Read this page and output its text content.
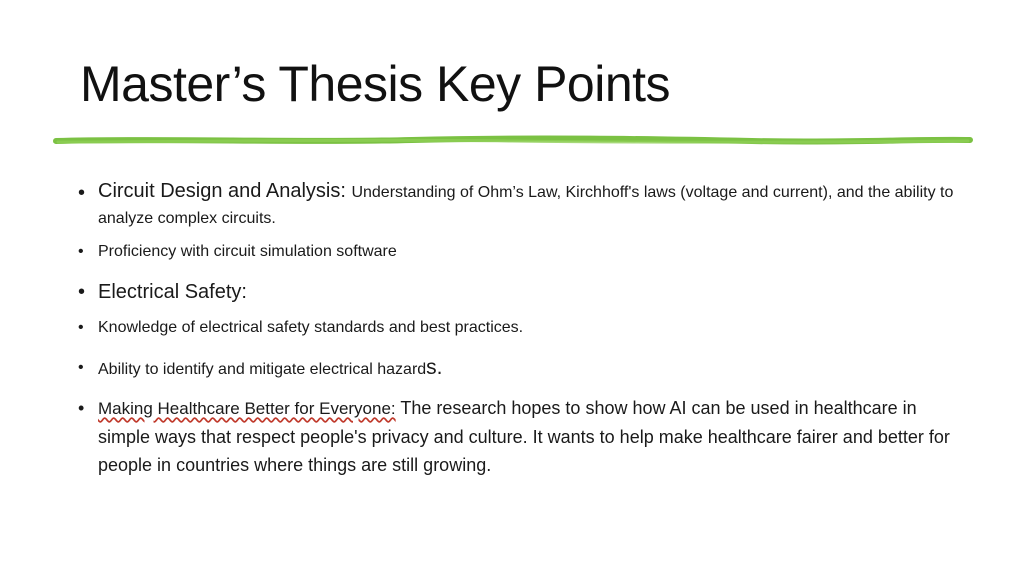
Master’s Thesis Key Points
• Circuit Design and Analysis: Understanding of Ohm’s Law, Kirchhoff's laws (voltage and current), and the ability to analyze complex circuits.
• Proficiency with circuit simulation software
• Electrical Safety:
• Knowledge of electrical safety standards and best practices.
• Ability to identify and mitigate electrical hazards.
• Making Healthcare Better for Everyone: The research hopes to show how AI can be used in healthcare in simple ways that respect people's privacy and culture. It wants to help make healthcare fairer and better for people in countries where things are still growing.
